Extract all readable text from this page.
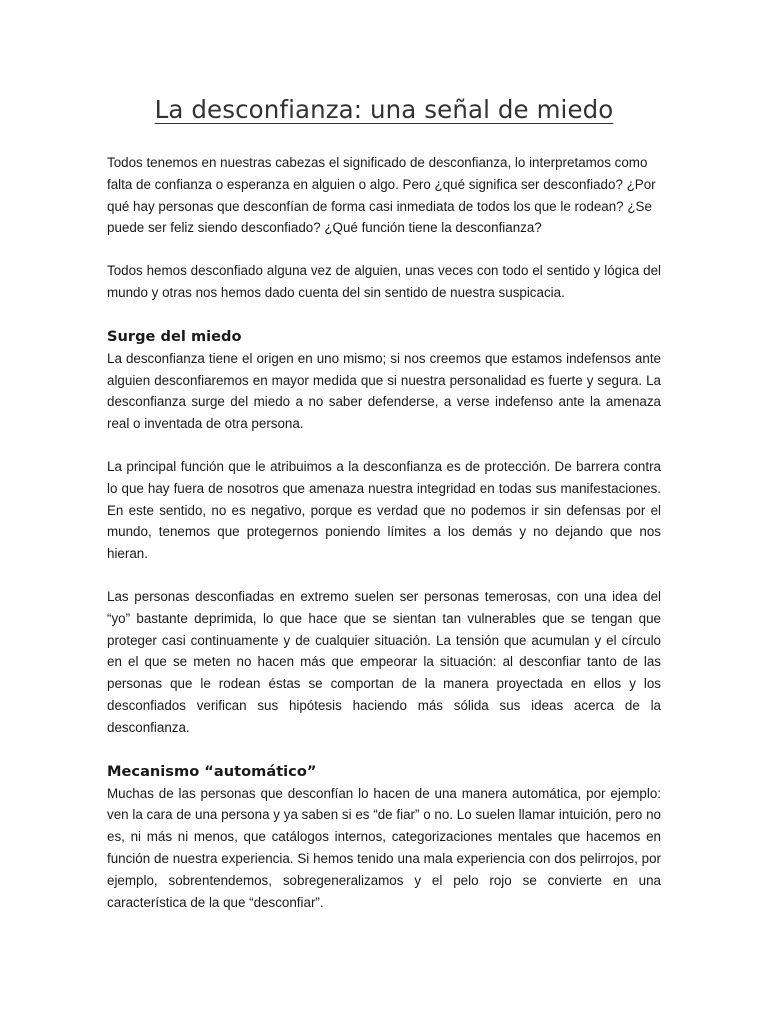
La desconfianza: una señal de miedo

Todos tenemos en nuestras cabezas el significado de desconfianza, lo interpretamos como falta de confianza o esperanza en alguien o algo. Pero ¿qué significa ser desconfiado? ¿Por qué hay personas que desconfían de forma casi inmediata de todos los que le rodean? ¿Se puede ser feliz siendo desconfiado? ¿Qué función tiene la desconfianza?

Todos hemos desconfiado alguna vez de alguien, unas veces con todo el sentido y lógica del mundo y otras nos hemos dado cuenta del sin sentido de nuestra suspicacia.

Surge del miedo

La desconfianza tiene el origen en uno mismo; si nos creemos que estamos indefensos ante alguien desconfiaremos en mayor medida que si nuestra personalidad es fuerte y segura. La desconfianza surge del miedo a no saber defenderse, a verse indefenso ante la amenaza real o inventada de otra persona.

La principal función que le atribuimos a la desconfianza es de protección. De barrera contra lo que hay fuera de nosotros que amenaza nuestra integridad en todas sus manifestaciones. En este sentido, no es negativo, porque es verdad que no podemos ir sin defensas por el mundo, tenemos que protegernos poniendo límites a los demás y no dejando que nos hieran.

Las personas desconfiadas en extremo suelen ser personas temerosas, con una idea del “yo” bastante deprimida, lo que hace que se sientan tan vulnerables que se tengan que proteger casi continuamente y de cualquier situación. La tensión que acumulan y el círculo en el que se meten no hacen más que empeorar la situación: al desconfiar tanto de las personas que le rodean éstas se comportan de la manera proyectada en ellos y los desconfiados verifican sus hipótesis haciendo más sólida sus ideas acerca de la desconfianza.

Mecanismo “automático”

Muchas de las personas que desconfían lo hacen de una manera automática, por ejemplo: ven la cara de una persona y ya saben si es “de fiar” o no. Lo suelen llamar intuición, pero no es, ni más ni menos, que catálogos internos, categorizaciones mentales que hacemos en función de nuestra experiencia. Si hemos tenido una mala experiencia con dos pelirrojos, por ejemplo, sobrentendemos, sobregeneralizamos y el pelo rojo se convierte en una característica de la que “desconfiar”.
